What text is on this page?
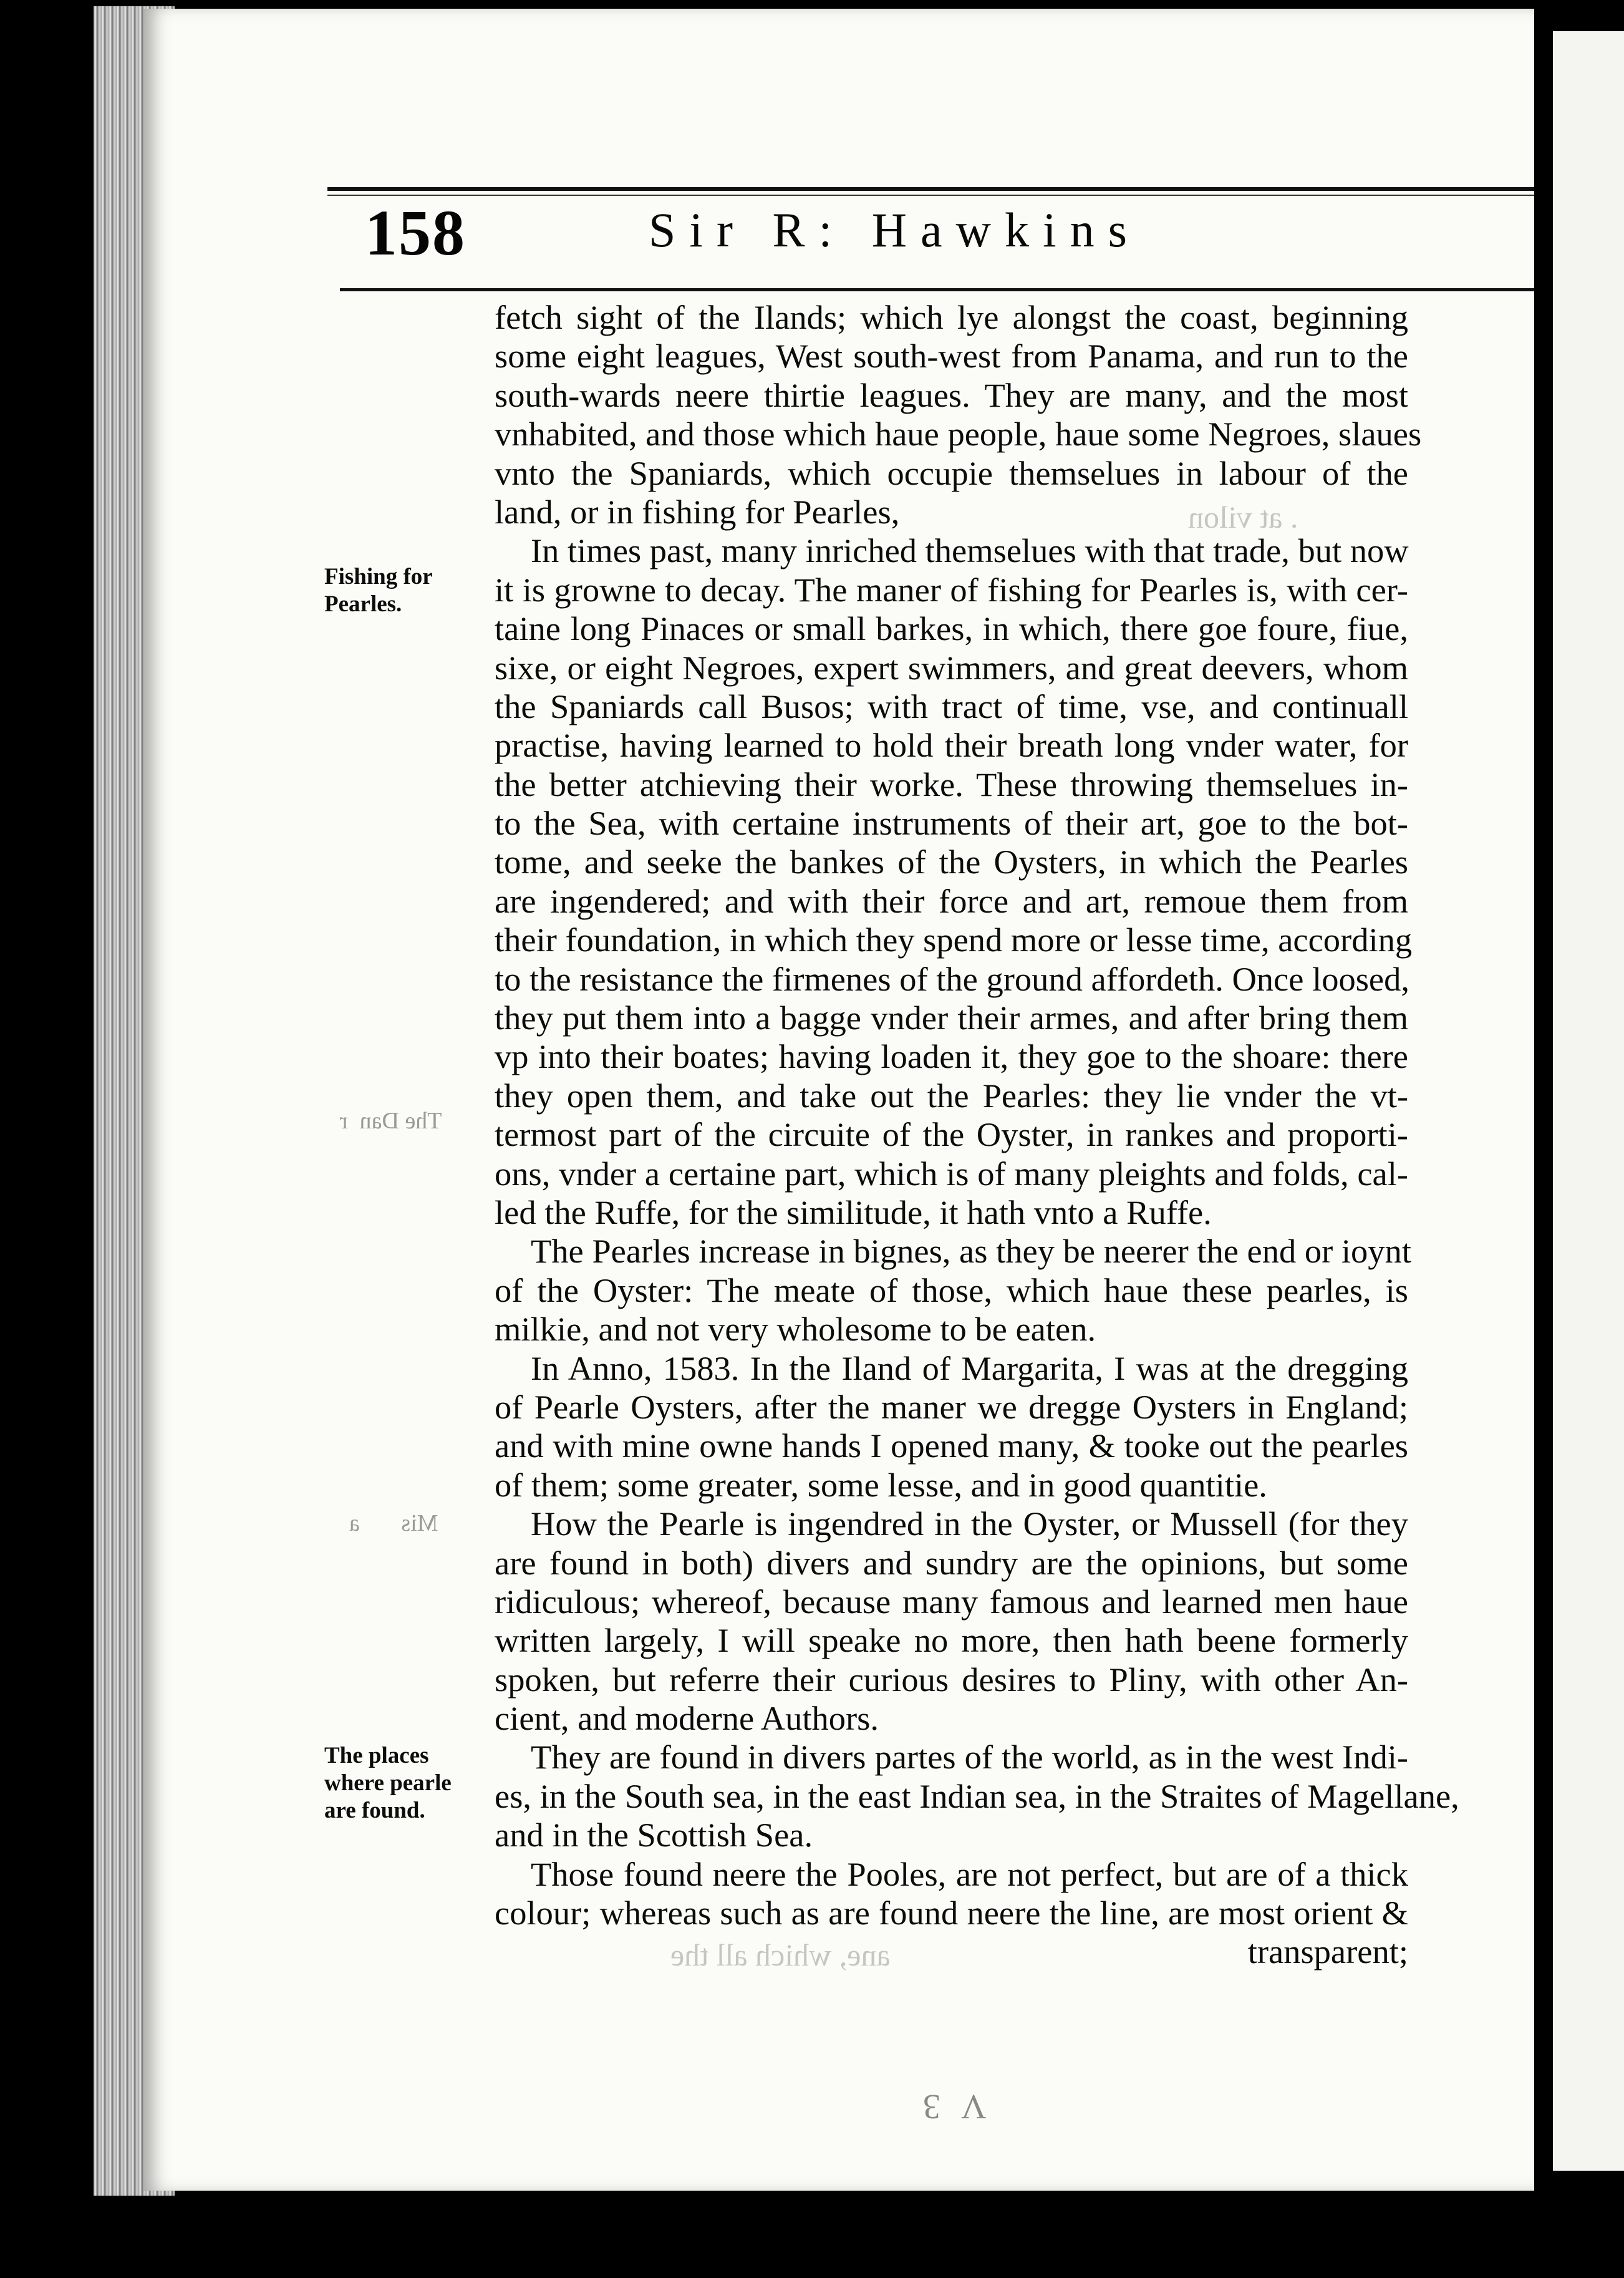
158	Sir R: Hawkins
The Dan  r
Mis       a
. at vilon
ane, which all the
V 3
Fishing for Pearles.
The places where pearle are found.
fetch sight of the Ilands; which lye alongst the coast, beginning
some eight leagues, West south-west from Panama, and run to the
south-wards neere thirtie leagues. They are many, and the most
vnhabited, and those which haue people, haue some Negroes, slaues
vnto the Spaniards, which occupie themselues in labour of the
land, or in fishing for Pearles,
In times past, many inriched themselues with that trade, but now
it is growne to decay. The maner of fishing for Pearles is, with cer-
taine long Pinaces or small barkes, in which, there goe foure, fiue,
sixe, or eight Negroes, expert swimmers, and great deevers, whom
the Spaniards call Busos; with tract of time, vse, and continuall
practise, having learned to hold their breath long vnder water, for
the better atchieving their worke. These throwing themselues in-
to the Sea, with certaine instruments of their art, goe to the bot-
tome, and seeke the bankes of the Oysters, in which the Pearles
are ingendered; and with their force and art, remoue them from
their foundation, in which they spend more or lesse time, according
to the resistance the firmenes of the ground affordeth. Once loosed,
they put them into a bagge vnder their armes, and after bring them
vp into their boates; having loaden it, they goe to the shoare: there
they open them, and take out the Pearles: they lie vnder the vt-
termost part of the circuite of the Oyster, in rankes and proporti-
ons, vnder a certaine part, which is of many pleights and folds, cal-
led the Ruffe, for the similitude, it hath vnto a Ruffe.
The Pearles increase in bignes, as they be neerer the end or ioynt
of the Oyster: The meate of those, which haue these pearles, is
milkie, and not very wholesome to be eaten.
In Anno, 1583. In the Iland of Margarita, I was at the dregging
of Pearle Oysters, after the maner we dregge Oysters in England;
and with mine owne hands I opened many, & tooke out the pearles
of them; some greater, some lesse, and in good quantitie.
How the Pearle is ingendred in the Oyster, or Mussell (for they
are found in both) divers and sundry are the opinions, but some
ridiculous; whereof, because many famous and learned men haue
written largely, I will speake no more, then hath beene formerly
spoken, but referre their curious desires to Pliny, with other An-
cient, and moderne Authors.
They are found in divers partes of the world, as in the west Indi-
es, in the South sea, in the east Indian sea, in the Straites of Magellane,
and in the Scottish Sea.
Those found neere the Pooles, are not perfect, but are of a thick
colour; whereas such as are found neere the line, are most orient &
transparent;
